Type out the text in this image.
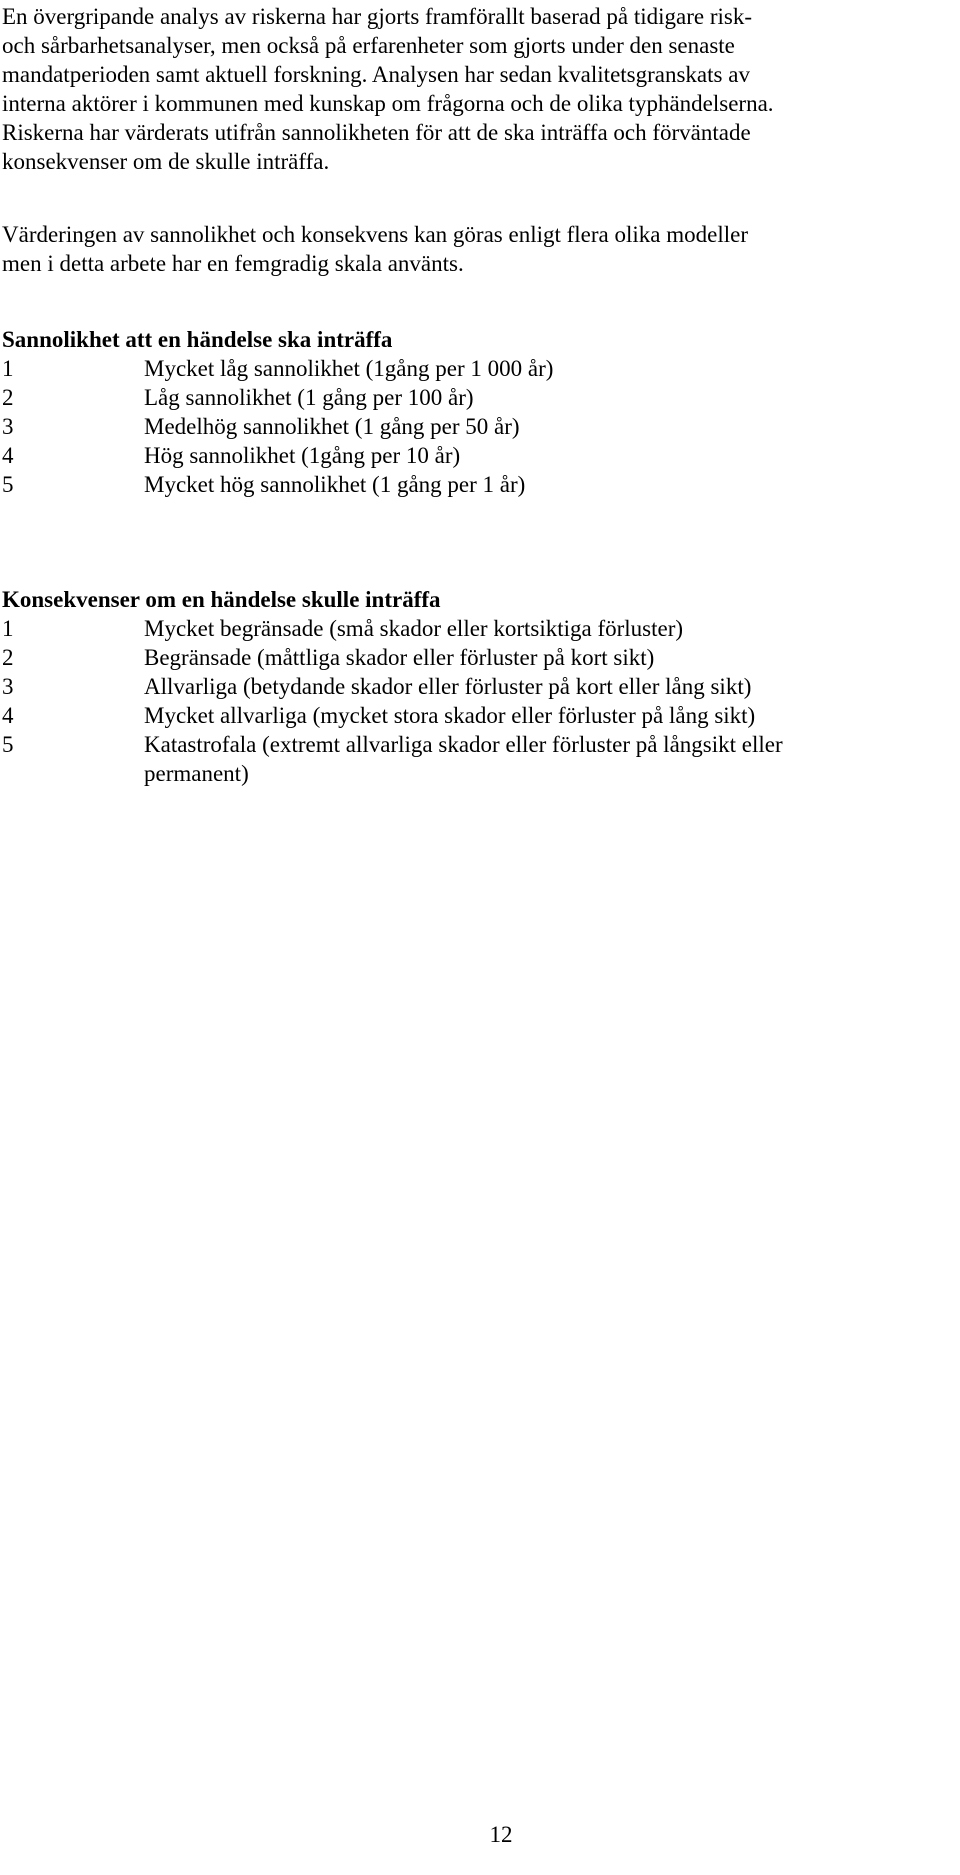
En övergripande analys av riskerna har gjorts framförallt baserad på tidigare risk-
och sårbarhetsanalyser, men också på erfarenheter som gjorts under den senaste
mandatperioden samt aktuell forskning. Analysen har sedan kvalitetsgranskats av
interna aktörer i kommunen med kunskap om frågorna och de olika typhändelserna.
Riskerna har värderats utifrån sannolikheten för att de ska inträffa och förväntade
konsekvenser om de skulle inträffa.

Värderingen av sannolikhet och konsekvens kan göras enligt flera olika modeller
men i detta arbete har en femgradig skala använts.

Sannolikhet att en händelse ska inträffa

1	Mycket låg sannolikhet (1gång per 1 000 år)
2	Låg sannolikhet (1 gång per 100 år)
3	Medelhög sannolikhet (1 gång per 50 år)
4	Hög sannolikhet (1gång per 10 år)
5	Mycket hög sannolikhet (1 gång per 1 år)

Konsekvenser om en händelse skulle inträffa

1	Mycket begränsade (små skador eller kortsiktiga förluster)
2	Begränsade (måttliga skador eller förluster på kort sikt)
3	Allvarliga (betydande skador eller förluster på kort eller lång sikt)
4	Mycket allvarliga (mycket stora skador eller förluster på lång sikt)
5	Katastrofala (extremt allvarliga skador eller förluster på långsikt eller permanent)
12
